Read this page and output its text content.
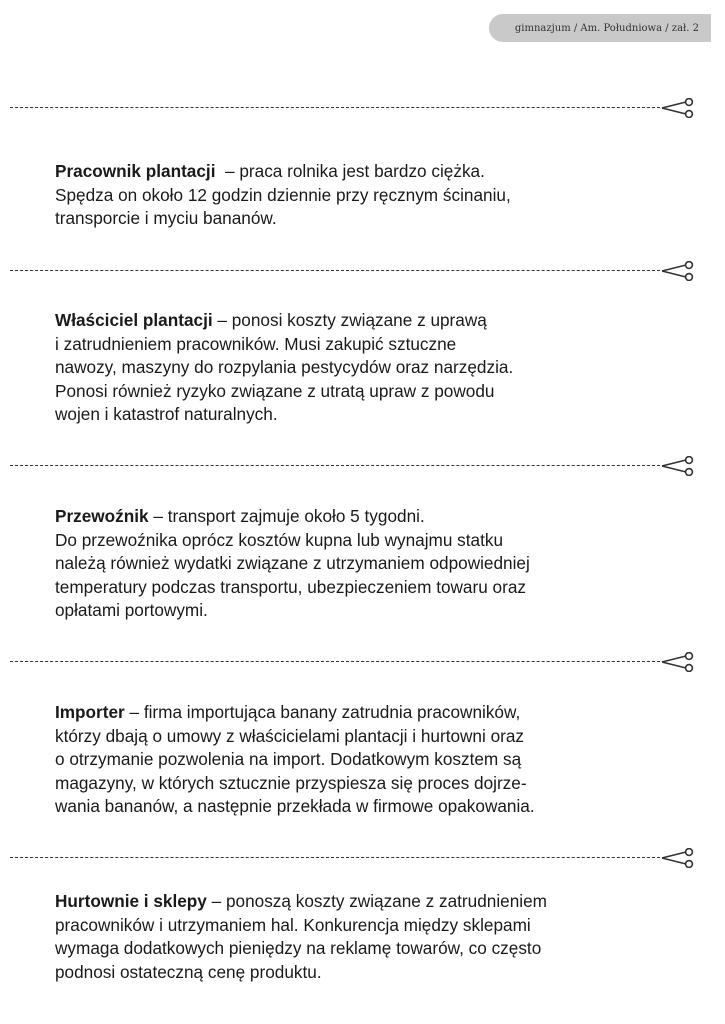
gimnazjum / Am. Południowa / zał. 2
Pracownik plantacji  – praca rolnika jest bardzo ciężka.
Spędza on około 12 godzin dziennie przy ręcznym ścinaniu,
transporcie i myciu bananów.
Właściciel plantacji – ponosi koszty związane z uprawą
i zatrudnieniem pracowników. Musi zakupić sztuczne
nawozy, maszyny do rozpylania pestycydów oraz narzędzia.
Ponosi również ryzyko związane z utratą upraw z powodu
wojen i katastrof naturalnych.
Przewoźnik – transport zajmuje około 5 tygodni.
Do przewoźnika oprócz kosztów kupna lub wynajmu statku
należą również wydatki związane z utrzymaniem odpowiedniej
temperatury podczas transportu, ubezpieczeniem towaru oraz
opłatami portowymi.
Importer – firma importująca banany zatrudnia pracowników,
którzy dbają o umowy z właścicielami plantacji i hurtowni oraz
o otrzymanie pozwolenia na import. Dodatkowym kosztem są
magazyny, w których sztucznie przyspiesza się proces dojrze-
wania bananów, a następnie przekłada w firmowe opakowania.
Hurtownie i sklepy – ponoszą koszty związane z zatrudnieniem
pracowników i utrzymaniem hal. Konkurencja między sklepami
wymaga dodatkowych pieniędzy na reklamę towarów, co często
podnosi ostateczną cenę produktu.
